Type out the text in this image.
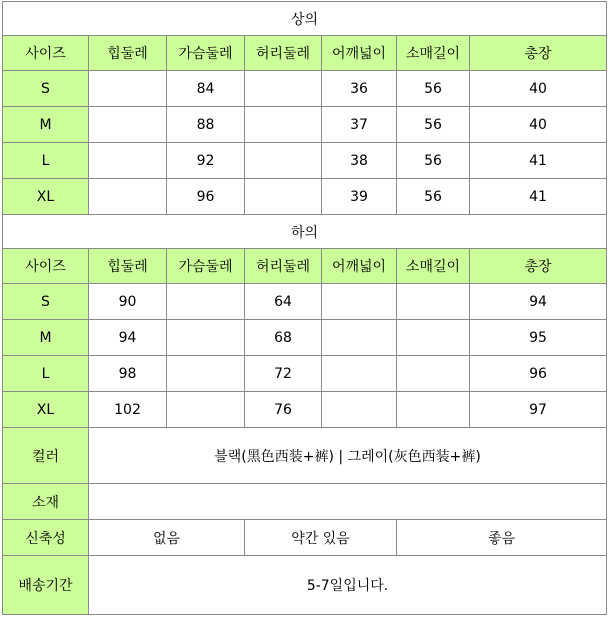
상의						
사이즈	힙둘레	가슴둘레	허리둘레	어깨넓이	소매길이	총장
S		84		36	56	40
M		88		37	56	40
L		92		38	56	41
XL		96		39	56	41
하의						
사이즈	힙둘레	가슴둘레	허리둘레	어깨넓이	소매길이	총장
S	90		64			94
M	94		68			95
L	98		72			96
XL	102		76			97
컬러	블랙(黑色西装+裤) | 그레이(灰色西装+裤)					
소재						
신축성	없음		약간 있음		좋음	
배송기간	5-7일입니다.					
